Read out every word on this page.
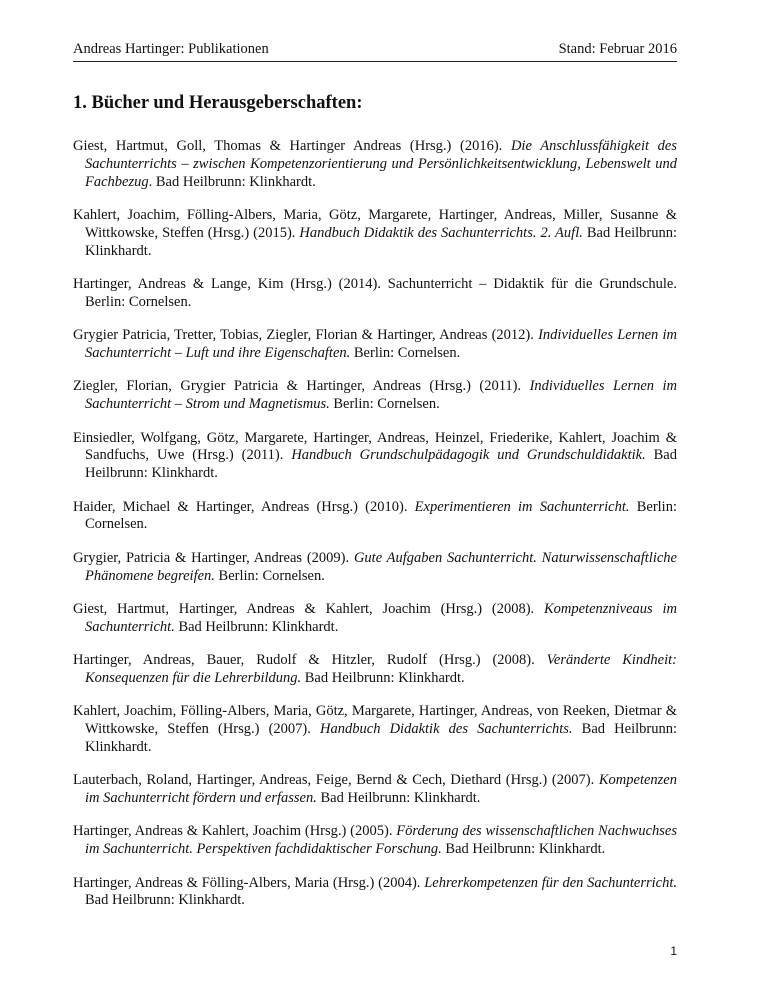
Andreas Hartinger: Publikationen	Stand: Februar 2016
1. Bücher und Herausgeberschaften:

Giest, Hartmut, Goll, Thomas & Hartinger Andreas (Hrsg.) (2016). Die Anschlussfähigkeit des Sachunterrichts – zwischen Kompetenzorientierung und Persönlichkeitsentwicklung, Lebenswelt und Fachbezug. Bad Heilbrunn: Klinkhardt.

Kahlert, Joachim, Fölling-Albers, Maria, Götz, Margarete, Hartinger, Andreas, Miller, Susanne & Wittkowske, Steffen (Hrsg.) (2015). Handbuch Didaktik des Sachunterrichts. 2. Aufl. Bad Heilbrunn: Klinkhardt.

Hartinger, Andreas & Lange, Kim (Hrsg.) (2014). Sachunterricht – Didaktik für die Grundschule. Berlin: Cornelsen.

Grygier Patricia, Tretter, Tobias, Ziegler, Florian & Hartinger, Andreas (2012). Individuelles Lernen im Sachunterricht – Luft und ihre Eigenschaften. Berlin: Cornelsen.

Ziegler, Florian, Grygier Patricia & Hartinger, Andreas (Hrsg.) (2011). Individuelles Lernen im Sachunterricht – Strom und Magnetismus. Berlin: Cornelsen.

Einsiedler, Wolfgang, Götz, Margarete, Hartinger, Andreas, Heinzel, Friederike, Kahlert, Joachim & Sandfuchs, Uwe (Hrsg.) (2011). Handbuch Grundschulpädagogik und Grundschuldidaktik. Bad Heilbrunn: Klinkhardt.

Haider, Michael & Hartinger, Andreas (Hrsg.) (2010). Experimentieren im Sachunterricht. Berlin: Cornelsen.

Grygier, Patricia & Hartinger, Andreas (2009). Gute Aufgaben Sachunterricht. Naturwissenschaftliche Phänomene begreifen. Berlin: Cornelsen.

Giest, Hartmut, Hartinger, Andreas & Kahlert, Joachim (Hrsg.) (2008). Kompetenzniveaus im Sachunterricht. Bad Heilbrunn: Klinkhardt.

Hartinger, Andreas, Bauer, Rudolf & Hitzler, Rudolf (Hrsg.) (2008). Veränderte Kindheit: Konsequenzen für die Lehrerbildung. Bad Heilbrunn: Klinkhardt.

Kahlert, Joachim, Fölling-Albers, Maria, Götz, Margarete, Hartinger, Andreas, von Reeken, Dietmar & Wittkowske, Steffen (Hrsg.) (2007). Handbuch Didaktik des Sachunterrichts. Bad Heilbrunn: Klinkhardt.

Lauterbach, Roland, Hartinger, Andreas, Feige, Bernd & Cech, Diethard (Hrsg.) (2007). Kompetenzen im Sachunterricht fördern und erfassen. Bad Heilbrunn: Klinkhardt.

Hartinger, Andreas & Kahlert, Joachim (Hrsg.) (2005). Förderung des wissenschaftlichen Nachwuchses im Sachunterricht. Perspektiven fachdidaktischer Forschung. Bad Heilbrunn: Klinkhardt.

Hartinger, Andreas & Fölling-Albers, Maria (Hrsg.) (2004). Lehrerkompetenzen für den Sachunterricht. Bad Heilbrunn: Klinkhardt.

1
